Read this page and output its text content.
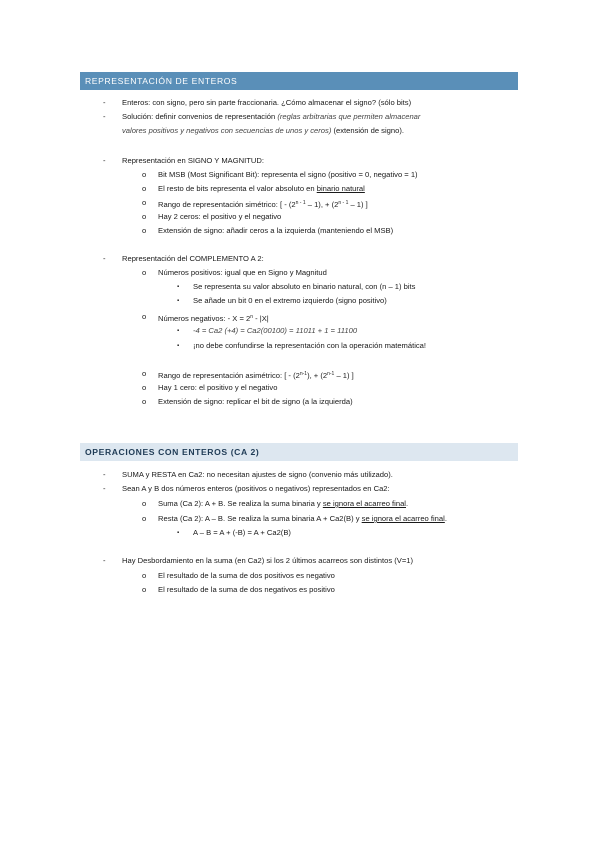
REPRESENTACIÓN DE ENTEROS
- Enteros: con signo, pero sin parte fraccionaria. ¿Cómo almacenar el signo? (sólo bits)
- Solución: definir convenios de representación (reglas arbitrarias que permiten almacenar
valores positivos y negativos con secuencias de unos y ceros) (extensión de signo).
- Representación en SIGNO Y MAGNITUD:
o Bit MSB (Most Significant Bit): representa el signo (positivo = 0, negativo = 1)
o El resto de bits representa el valor absoluto en binario natural
o Rango de representación simétrico: [ - (2$^{n - 1}$ – 1), + $(2^{n - 1} - 1)$ ]
o Hay 2 ceros: el positivo y el negativo
o Extensión de signo: añadir ceros a la izquierda (manteniendo el MSB)
- Representación del COMPLEMENTO A 2:
o Números positivos: igual que en Signo y Magnitud
▪ Se representa su valor absoluto en binario natural, con (n – 1) bits
▪ Se añade un bit 0 en el extremo izquierdo (signo positivo)
o Números negativos: - $X = 2^n - |X|$
▪ -4 = Ca2 (+4) = Ca2(00100) = 11011 + 1 = 11100
▪ ¡no debe confundirse la representación con la operación matemática!
o Rango de representación asimétrico: [ - $(2^{n-1})$, + $(2^{n-1} - 1)$ ]
o Hay 1 cero: el positivo y el negativo
o Extensión de signo: replicar el bit de signo (a la izquierda)
OPERACIONES CON ENTEROS (CA 2)
- SUMA y RESTA en Ca2: no necesitan ajustes de signo (convenio más utilizado).
- Sean A y B dos números enteros (positivos o negativos) representados en Ca2:
o Suma (Ca 2): A + B. Se realiza la suma binaria y se ignora el acarreo final.
o Resta (Ca 2): A – B. Se realiza la suma binaria A + Ca2(B) y se ignora el acarreo final.
▪ A – B = A + (-B) = A + Ca2(B)
- Hay Desbordamiento en la suma (en Ca2) si los 2 últimos acarreos son distintos (V=1)
o El resultado de la suma de dos positivos es negativo
o El resultado de la suma de dos negativos es positivo
